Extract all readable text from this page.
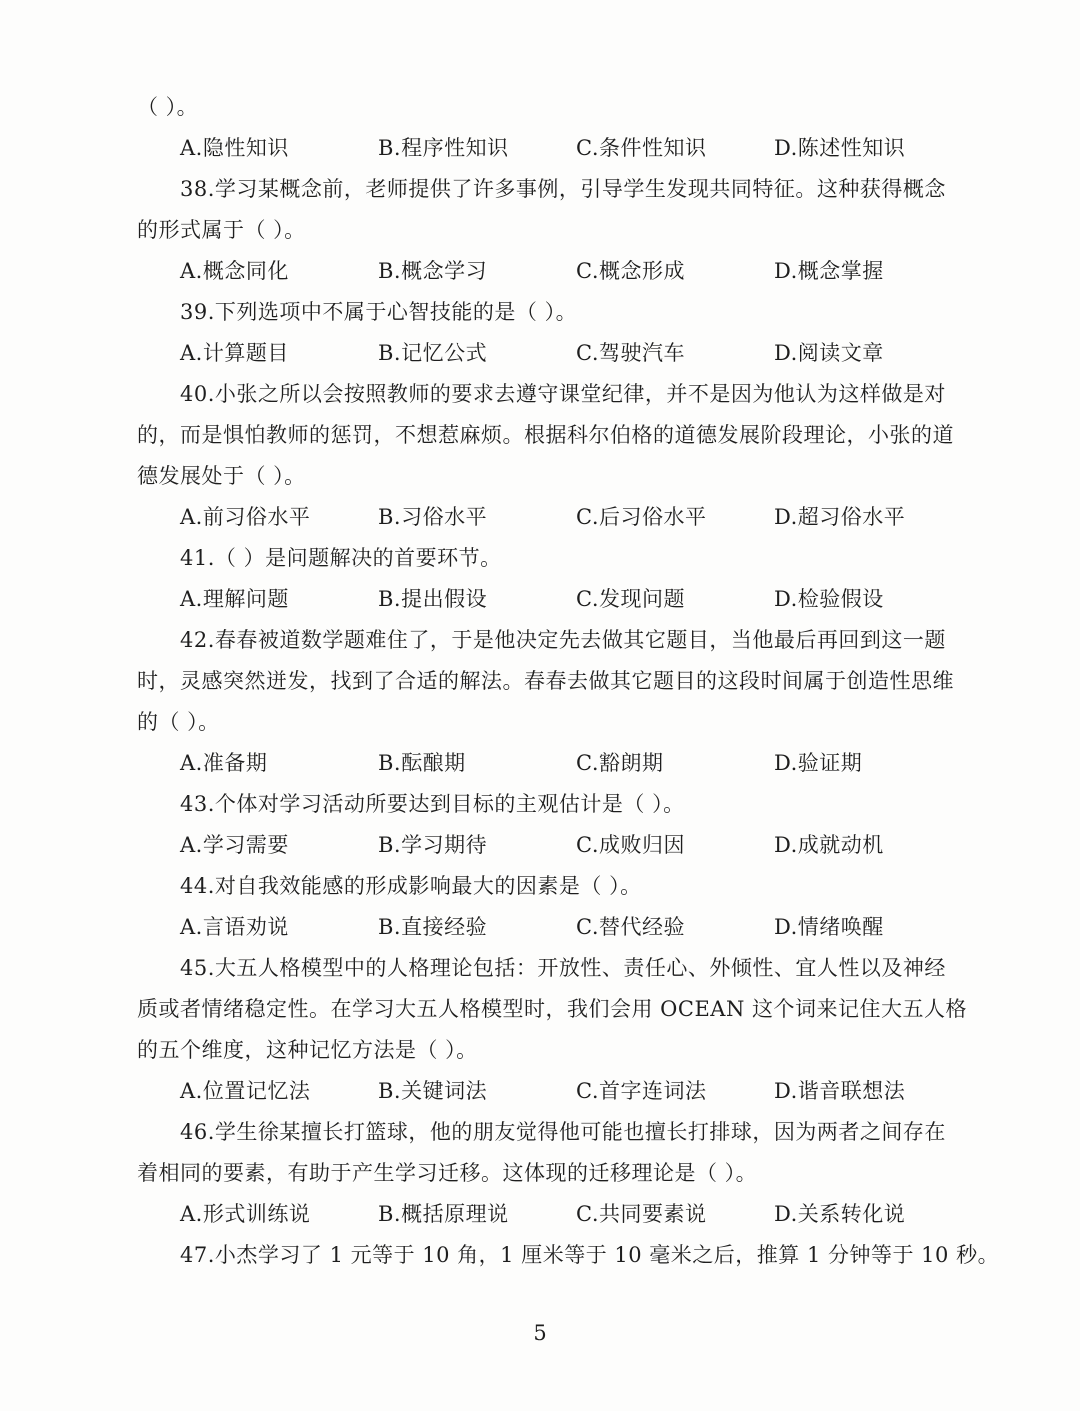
（ ）。
A.隐性知识	B.程序性知识	C.条件性知识	D.陈述性知识
38.学习某概念前，老师提供了许多事例，引导学生发现共同特征。这种获得概念
的形式属于（ ）。
A.概念同化	B.概念学习	C.概念形成	D.概念掌握
39.下列选项中不属于心智技能的是（ ）。
A.计算题目	B.记忆公式	C.驾驶汽车	D.阅读文章
40.小张之所以会按照教师的要求去遵守课堂纪律，并不是因为他认为这样做是对
的，而是惧怕教师的惩罚，不想惹麻烦。根据科尔伯格的道德发展阶段理论，小张的道
德发展处于（ ）。
A.前习俗水平	B.习俗水平	C.后习俗水平	D.超习俗水平
41.（ ）是问题解决的首要环节。
A.理解问题	B.提出假设	C.发现问题	D.检验假设
42.春春被道数学题难住了，于是他决定先去做其它题目，当他最后再回到这一题
时，灵感突然迸发，找到了合适的解法。春春去做其它题目的这段时间属于创造性思维
的（ ）。
A.准备期	B.酝酿期	C.豁朗期	D.验证期
43.个体对学习活动所要达到目标的主观估计是（ ）。
A.学习需要	B.学习期待	C.成败归因	D.成就动机
44.对自我效能感的形成影响最大的因素是（ ）。
A.言语劝说	B.直接经验	C.替代经验	D.情绪唤醒
45.大五人格模型中的人格理论包括：开放性、责任心、外倾性、宜人性以及神经
质或者情绪稳定性。在学习大五人格模型时，我们会用 OCEAN 这个词来记住大五人格
的五个维度，这种记忆方法是（ ）。
A.位置记忆法	B.关键词法	C.首字连词法	D.谐音联想法
46.学生徐某擅长打篮球，他的朋友觉得他可能也擅长打排球，因为两者之间存在
着相同的要素，有助于产生学习迁移。这体现的迁移理论是（ ）。
A.形式训练说	B.概括原理说	C.共同要素说	D.关系转化说
47.小杰学习了 1 元等于 10 角，1 厘米等于 10 毫米之后，推算 1 分钟等于 10 秒。
5
